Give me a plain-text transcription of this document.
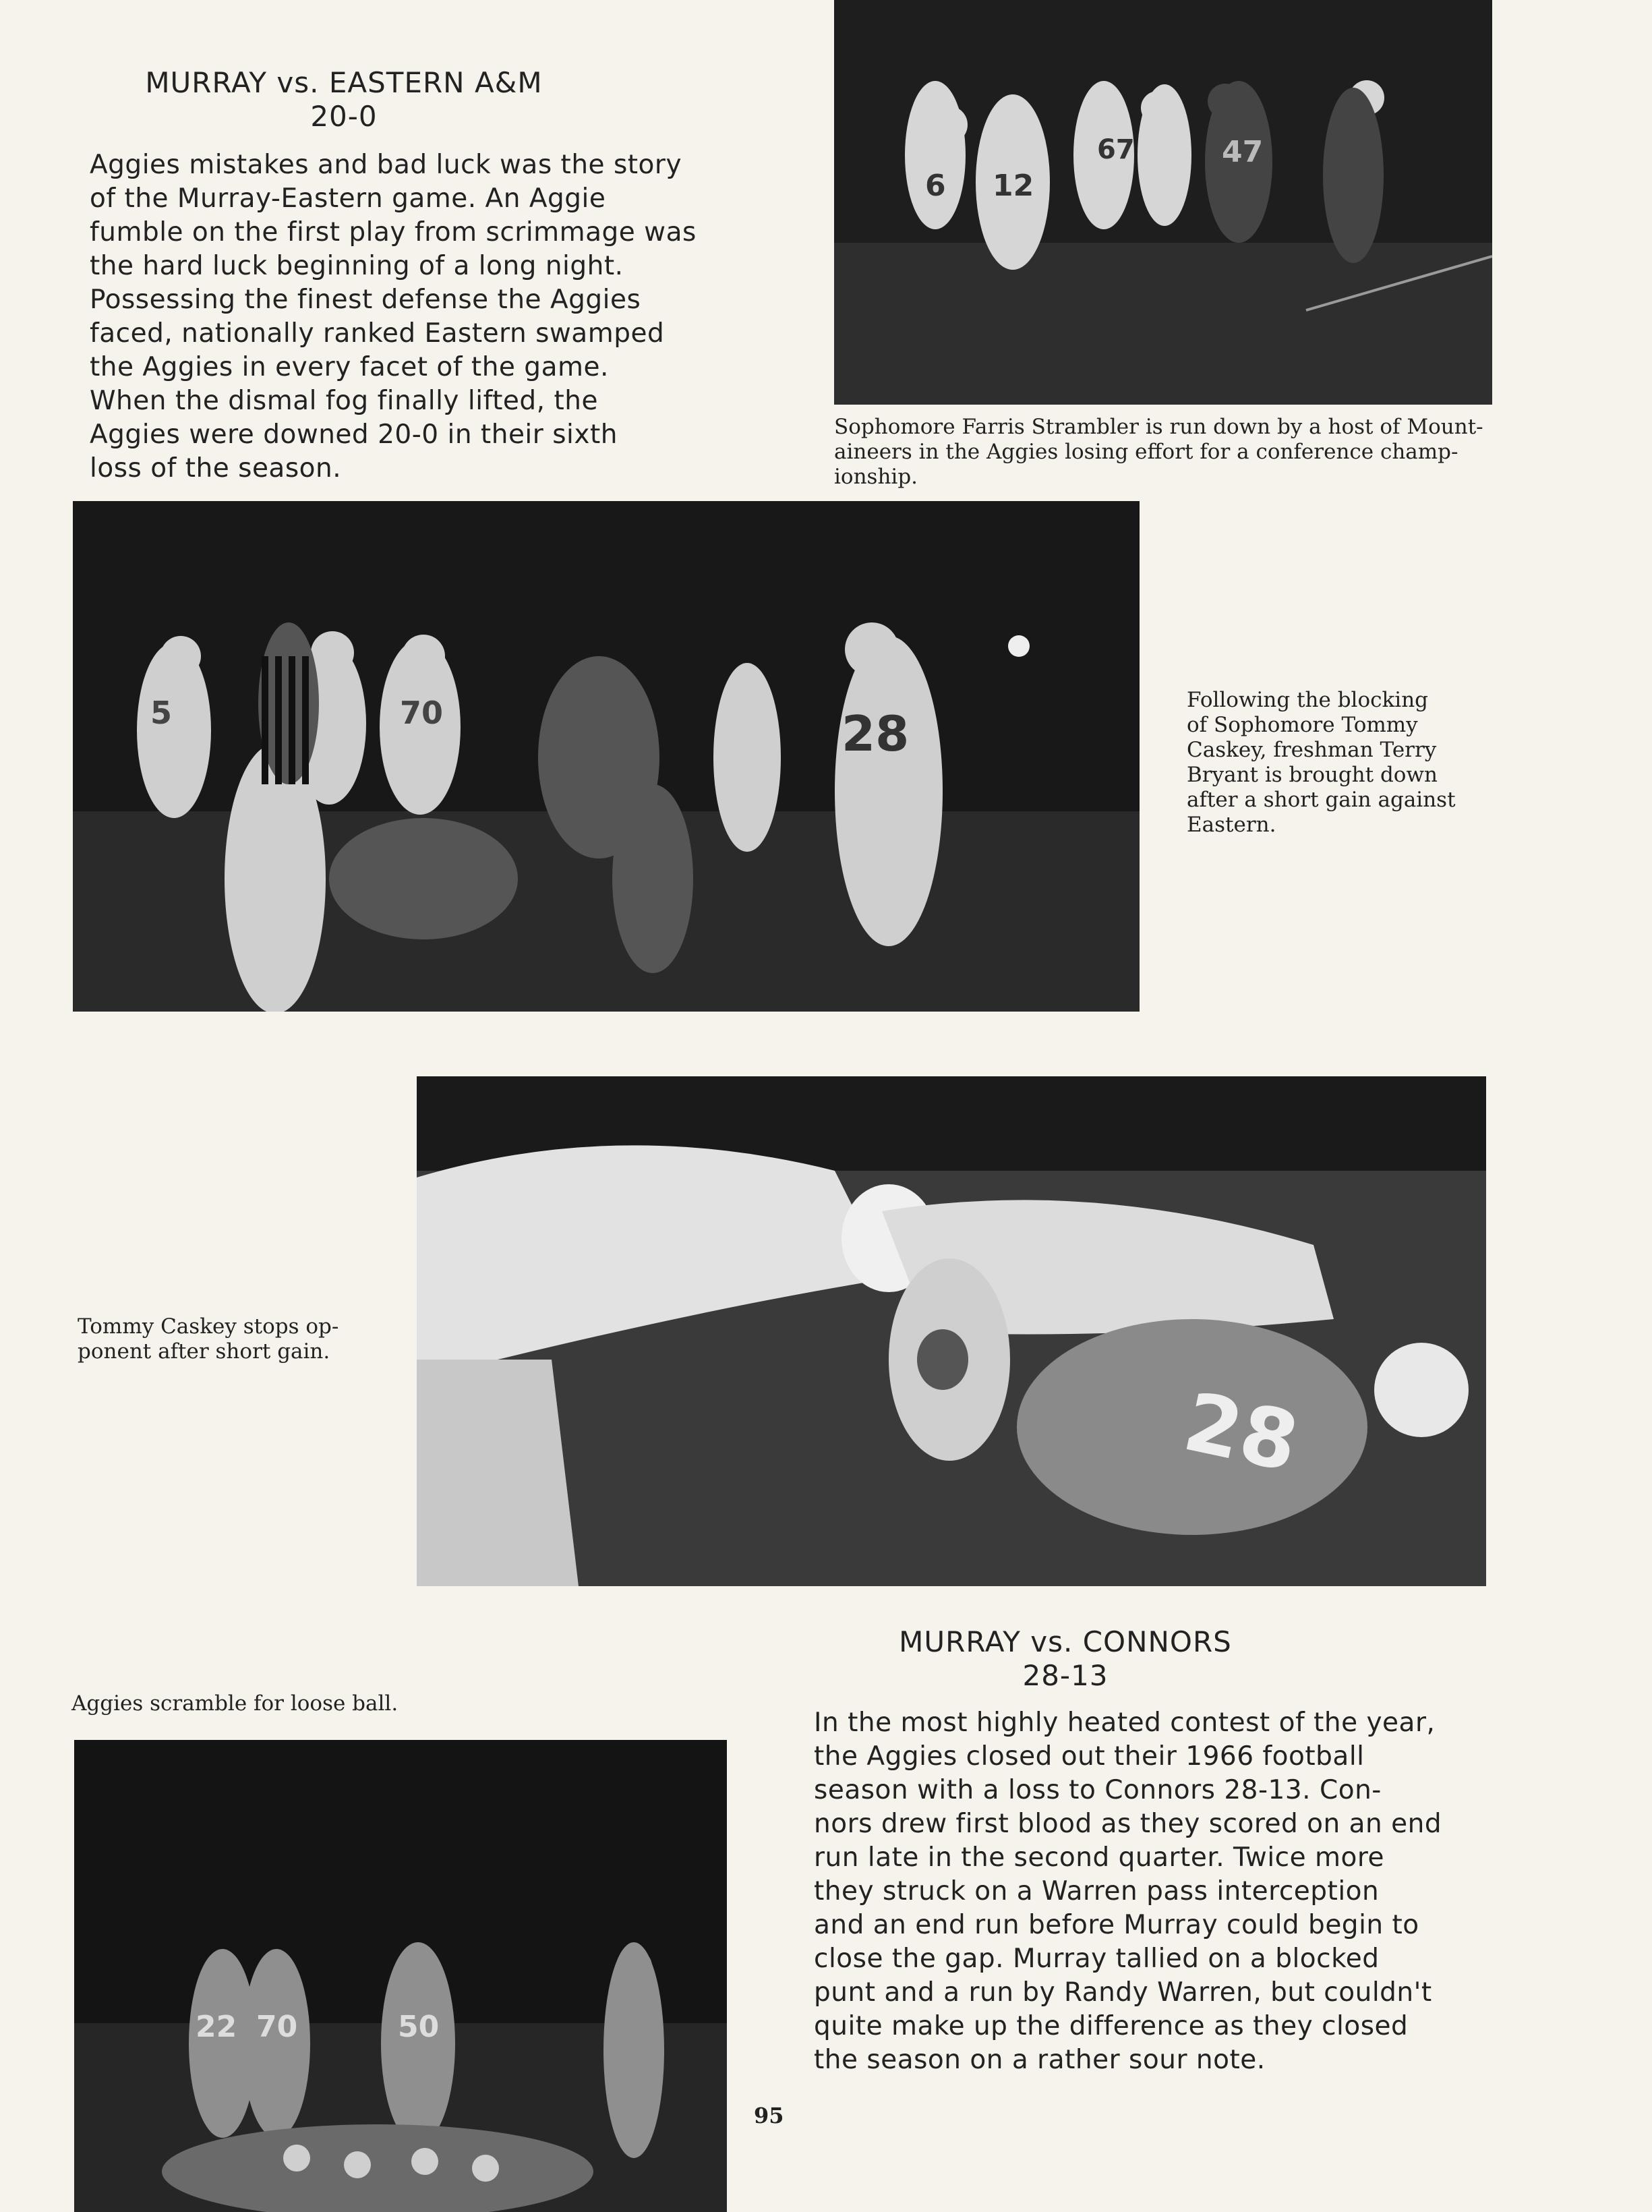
MURRAY vs. EASTERN A&M
20-0
Aggies mistakes and bad luck was the story
of the Murray-Eastern game. An Aggie
fumble on the first play from scrimmage was
the hard luck beginning of a long night.
Possessing the finest defense the Aggies
faced, nationally ranked Eastern swamped
the Aggies in every facet of the game.
When the dismal fog finally lifted, the
Aggies were downed 20-0 in their sixth
loss of the season.
6 12
67	47
Sophomore Farris Strambler is run down by a host of Mount-
aineers in the Aggies losing effort for a conference champ-
ionship.
5	70	28
Following the blocking
of Sophomore Tommy
Caskey, freshman Terry
Bryant is brought down
after a short gain against
Eastern.
28
Tommy Caskey stops op-
ponent after short gain.
MURRAY vs. CONNORS
28-13
In the most highly heated contest of the year,
the Aggies closed out their 1966 football
season with a loss to Connors 28-13. Con-
nors drew first blood as they scored on an end
run late in the second quarter. Twice more
they struck on a Warren pass interception
and an end run before Murray could begin to
close the gap. Murray tallied on a blocked
punt and a run by Randy Warren, but couldn't
quite make up the difference as they closed
the season on a rather sour note.
Aggies scramble for loose ball.
22 70	50
95
